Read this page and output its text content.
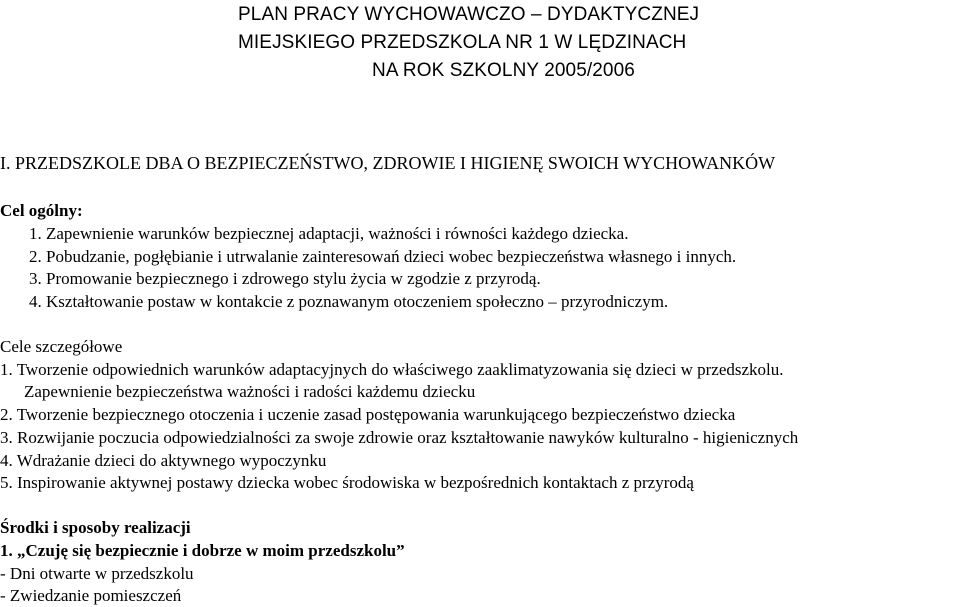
PLAN PRACY WYCHOWAWCZO – DYDAKTYCZNEJ
MIEJSKIEGO PRZEDSZKOLA NR 1 W LĘDZINACH
NA ROK SZKOLNY 2005/2006
I. PRZEDSZKOLE DBA O BEZPIECZEŃSTWO, ZDROWIE I HIGIENĘ SWOICH WYCHOWANKÓW
Cel ogólny:
1. Zapewnienie warunków bezpiecznej adaptacji, ważności i równości każdego dziecka.
2. Pobudzanie, pogłębianie i utrwalanie zainteresowań dzieci wobec bezpieczeństwa własnego i innych.
3. Promowanie bezpiecznego i zdrowego stylu życia w zgodzie z przyrodą.
4. Kształtowanie postaw w kontakcie z poznawanym otoczeniem społeczno – przyrodniczym.
Cele szczegółowe
1. Tworzenie odpowiednich warunków adaptacyjnych do właściwego zaaklimatyzowania się dzieci w przedszkolu.
Zapewnienie bezpieczeństwa ważności i radości każdemu dziecku
2. Tworzenie bezpiecznego otoczenia i uczenie zasad postępowania warunkującego bezpieczeństwo dziecka
3. Rozwijanie poczucia odpowiedzialności za swoje zdrowie oraz kształtowanie nawyków kulturalno - higienicznych
4. Wdrażanie dzieci do aktywnego wypoczynku
5. Inspirowanie aktywnej postawy dziecka wobec środowiska w bezpośrednich kontaktach z przyrodą
Środki i sposoby realizacji
1. „Czuję się bezpiecznie i dobrze w moim przedszkolu”
- Dni otwarte w przedszkolu
- Zwiedzanie pomieszczeń
